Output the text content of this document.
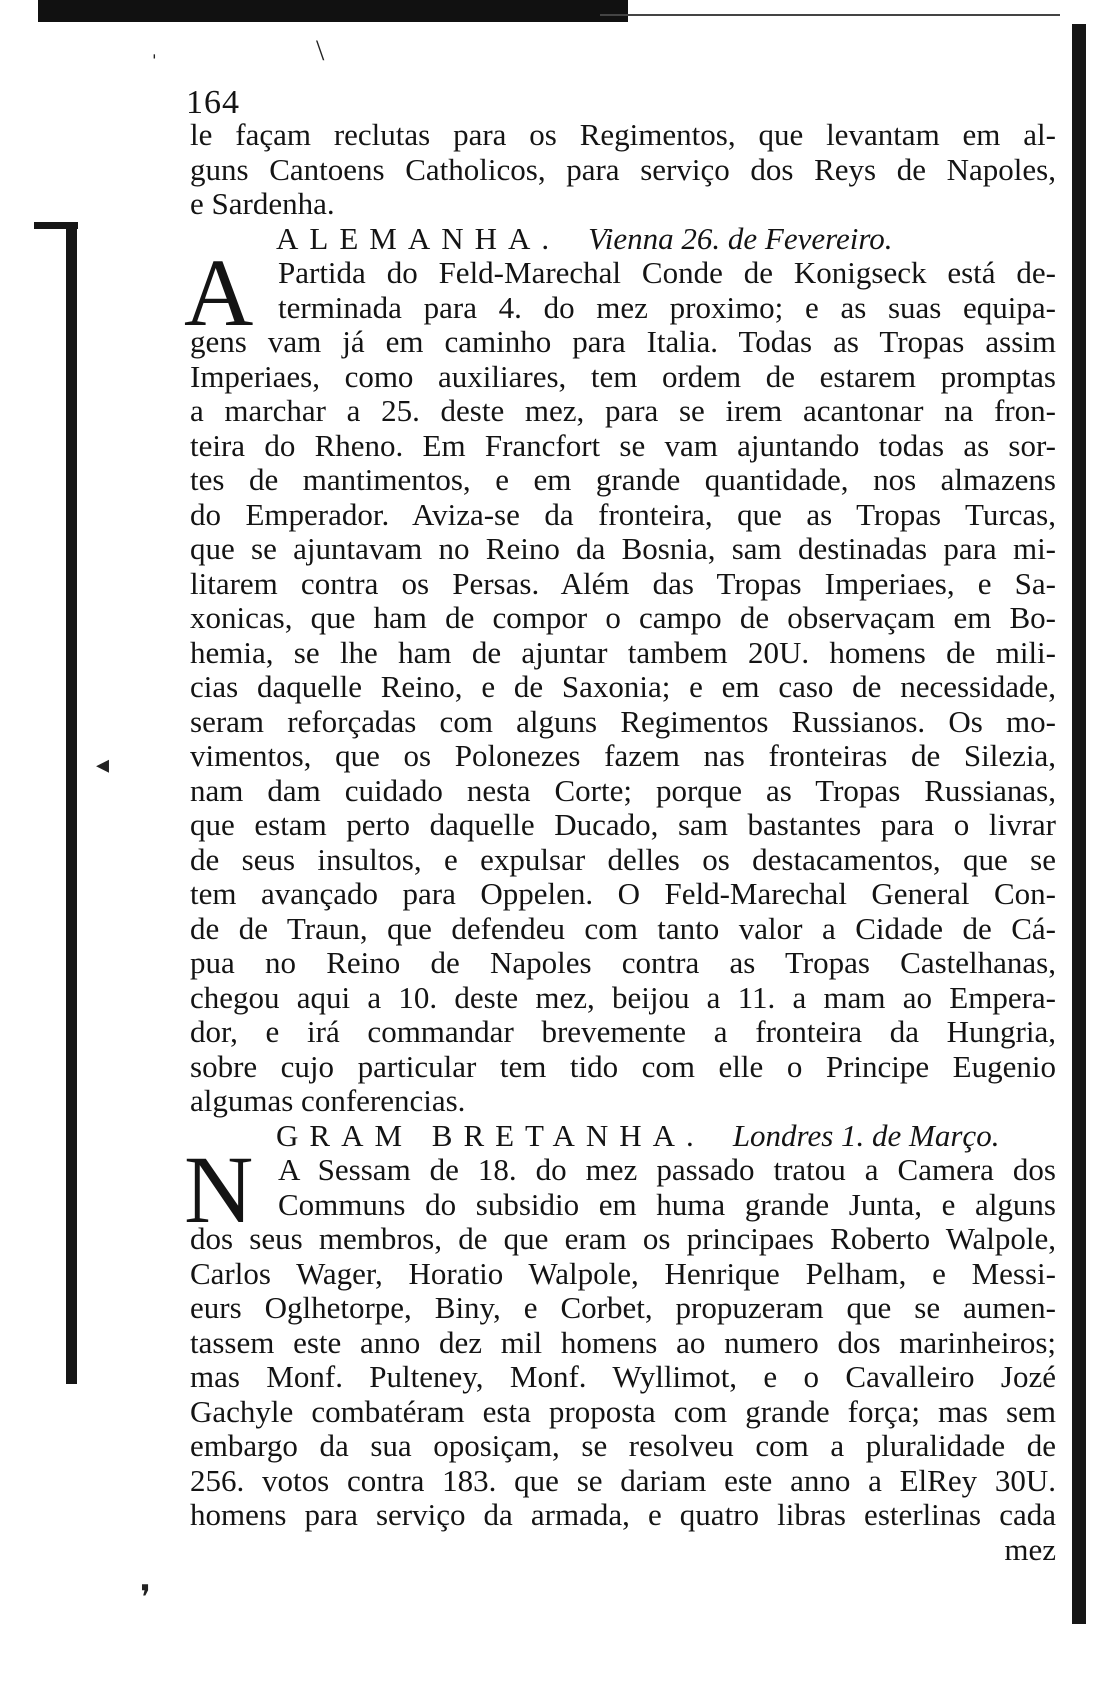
ˌ	\
◂
❜
164
le façam reclutas para os Regimentos, que levantam em al-
guns Cantoens Catholicos, para serviço dos Reys de Napoles,
e Sardenha.
ALEMANHA. Vienna 26. de Fevereiro.
A Partida do Feld-Marechal Conde de Konigseck está de-
terminada para 4. do mez proximo; e as suas equipa-
gens vam já em caminho para Italia. Todas as Tropas assim
Imperiaes, como auxiliares, tem ordem de estarem promptas
a marchar a 25. deste mez, para se irem acantonar na fron-
teira do Rheno. Em Francfort se vam ajuntando todas as sor-
tes de mantimentos, e em grande quantidade, nos almazens
do Emperador. Aviza-se da fronteira, que as Tropas Turcas,
que se ajuntavam no Reino da Bosnia, sam destinadas para mi-
litarem contra os Persas. Além das Tropas Imperiaes, e Sa-
xonicas, que ham de compor o campo de observaçam em Bo-
hemia, se lhe ham de ajuntar tambem 20U. homens de mili-
cias daquelle Reino, e de Saxonia; e em caso de necessidade,
seram reforçadas com alguns Regimentos Russianos. Os mo-
vimentos, que os Polonezes fazem nas fronteiras de Silezia,
nam dam cuidado nesta Corte; porque as Tropas Russianas,
que estam perto daquelle Ducado, sam bastantes para o livrar
de seus insultos, e expulsar delles os destacamentos, que se
tem avançado para Oppelen. O Feld-Marechal General Con-
de de Traun, que defendeu com tanto valor a Cidade de Cá-
pua no Reino de Napoles contra as Tropas Castelhanas,
chegou aqui a 10. deste mez, beijou a 11. a mam ao Empera-
dor, e irá commandar brevemente a fronteira da Hungria,
sobre cujo particular tem tido com elle o Principe Eugenio
algumas conferencias.
GRAM BRETANHA. Londres 1. de Março.
N A Sessam de 18. do mez passado tratou a Camera dos
Communs do subsidio em huma grande Junta, e alguns
dos seus membros, de que eram os principaes Roberto Walpole,
Carlos Wager, Horatio Walpole, Henrique Pelham, e Messi-
eurs Oglhetorpe, Biny, e Corbet, propuzeram que se aumen-
tassem este anno dez mil homens ao numero dos marinheiros;
mas Monf. Pulteney, Monf. Wyllimot, e o Cavalleiro Jozé
Gachyle combatéram esta proposta com grande força; mas sem
embargo da sua oposiçam, se resolveu com a pluralidade de
256. votos contra 183. que se dariam este anno a ElRey 30U.
homens para serviço da armada, e quatro libras esterlinas cada
mez
